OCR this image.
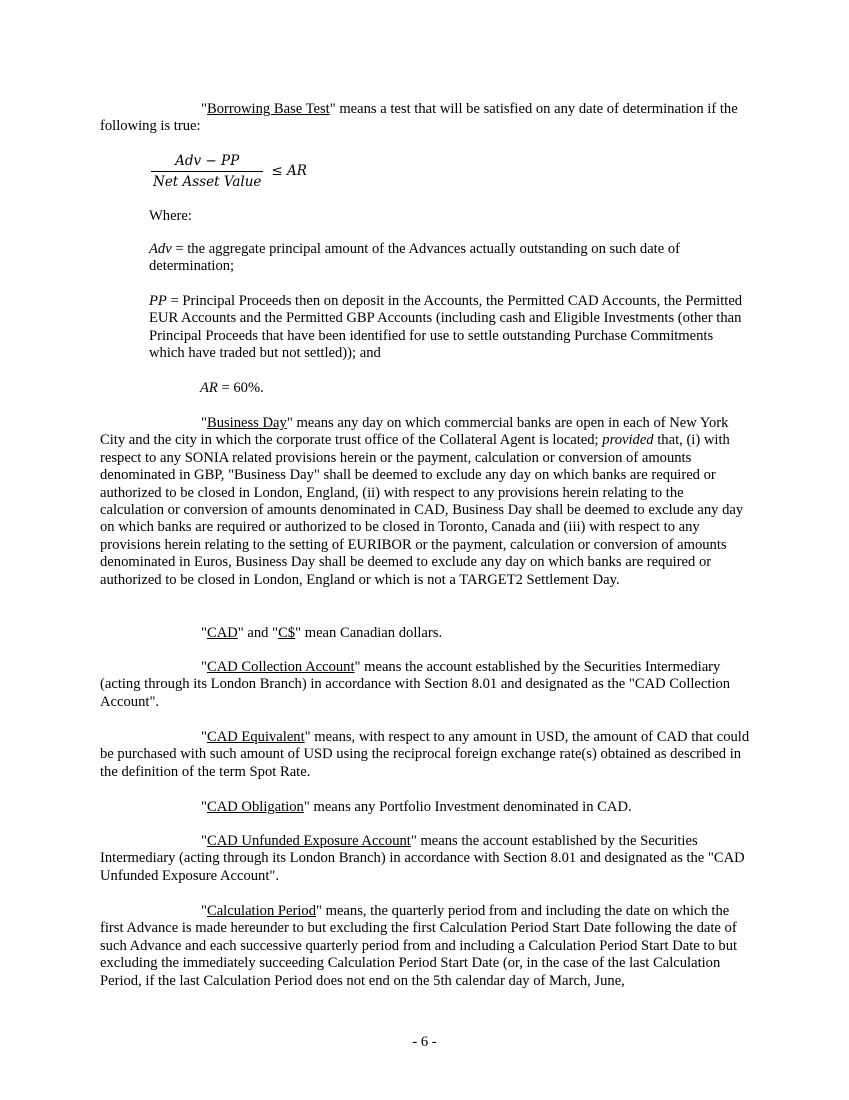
"Borrowing Base Test" means a test that will be satisfied on any date of determination if the following is true:

$\frac{\text{Adv − PP}}{\text{Net Asset Value}}$ ≤ AR

Where:

Adv = the aggregate principal amount of the Advances actually outstanding on such date of determination;

PP = Principal Proceeds then on deposit in the Accounts, the Permitted CAD Accounts, the Permitted EUR Accounts and the Permitted GBP Accounts (including cash and Eligible Investments (other than Principal Proceeds that have been identified for use to settle outstanding Purchase Commitments which have traded but not settled)); and

AR = 60%.

"Business Day" means any day on which commercial banks are open in each of New York City and the city in which the corporate trust office of the Collateral Agent is located; provided that, (i) with respect to any SONIA related provisions herein or the payment, calculation or conversion of amounts denominated in GBP, "Business Day" shall be deemed to exclude any day on which banks are required or authorized to be closed in London, England, (ii) with respect to any provisions herein relating to the calculation or conversion of amounts denominated in CAD, Business Day shall be deemed to exclude any day on which banks are required or authorized to be closed in Toronto, Canada and (iii) with respect to any provisions herein relating to the setting of EURIBOR or the payment, calculation or conversion of amounts denominated in Euros, Business Day shall be deemed to exclude any day on which banks are required or authorized to be closed in London, England or which is not a TARGET2 Settlement Day.

"CAD" and "C$" mean Canadian dollars.

"CAD Collection Account" means the account established by the Securities Intermediary (acting through its London Branch) in accordance with Section 8.01 and designated as the "CAD Collection Account".

"CAD Equivalent" means, with respect to any amount in USD, the amount of CAD that could be purchased with such amount of USD using the reciprocal foreign exchange rate(s) obtained as described in the definition of the term Spot Rate.

"CAD Obligation" means any Portfolio Investment denominated in CAD.

"CAD Unfunded Exposure Account" means the account established by the Securities Intermediary (acting through its London Branch) in accordance with Section 8.01 and designated as the "CAD Unfunded Exposure Account".

"Calculation Period" means, the quarterly period from and including the date on which the first Advance is made hereunder to but excluding the first Calculation Period Start Date following the date of such Advance and each successive quarterly period from and including a Calculation Period Start Date to but excluding the immediately succeeding Calculation Period Start Date (or, in the case of the last Calculation Period, if the last Calculation Period does not end on the 5th calendar day of March, June,

- 6 -
